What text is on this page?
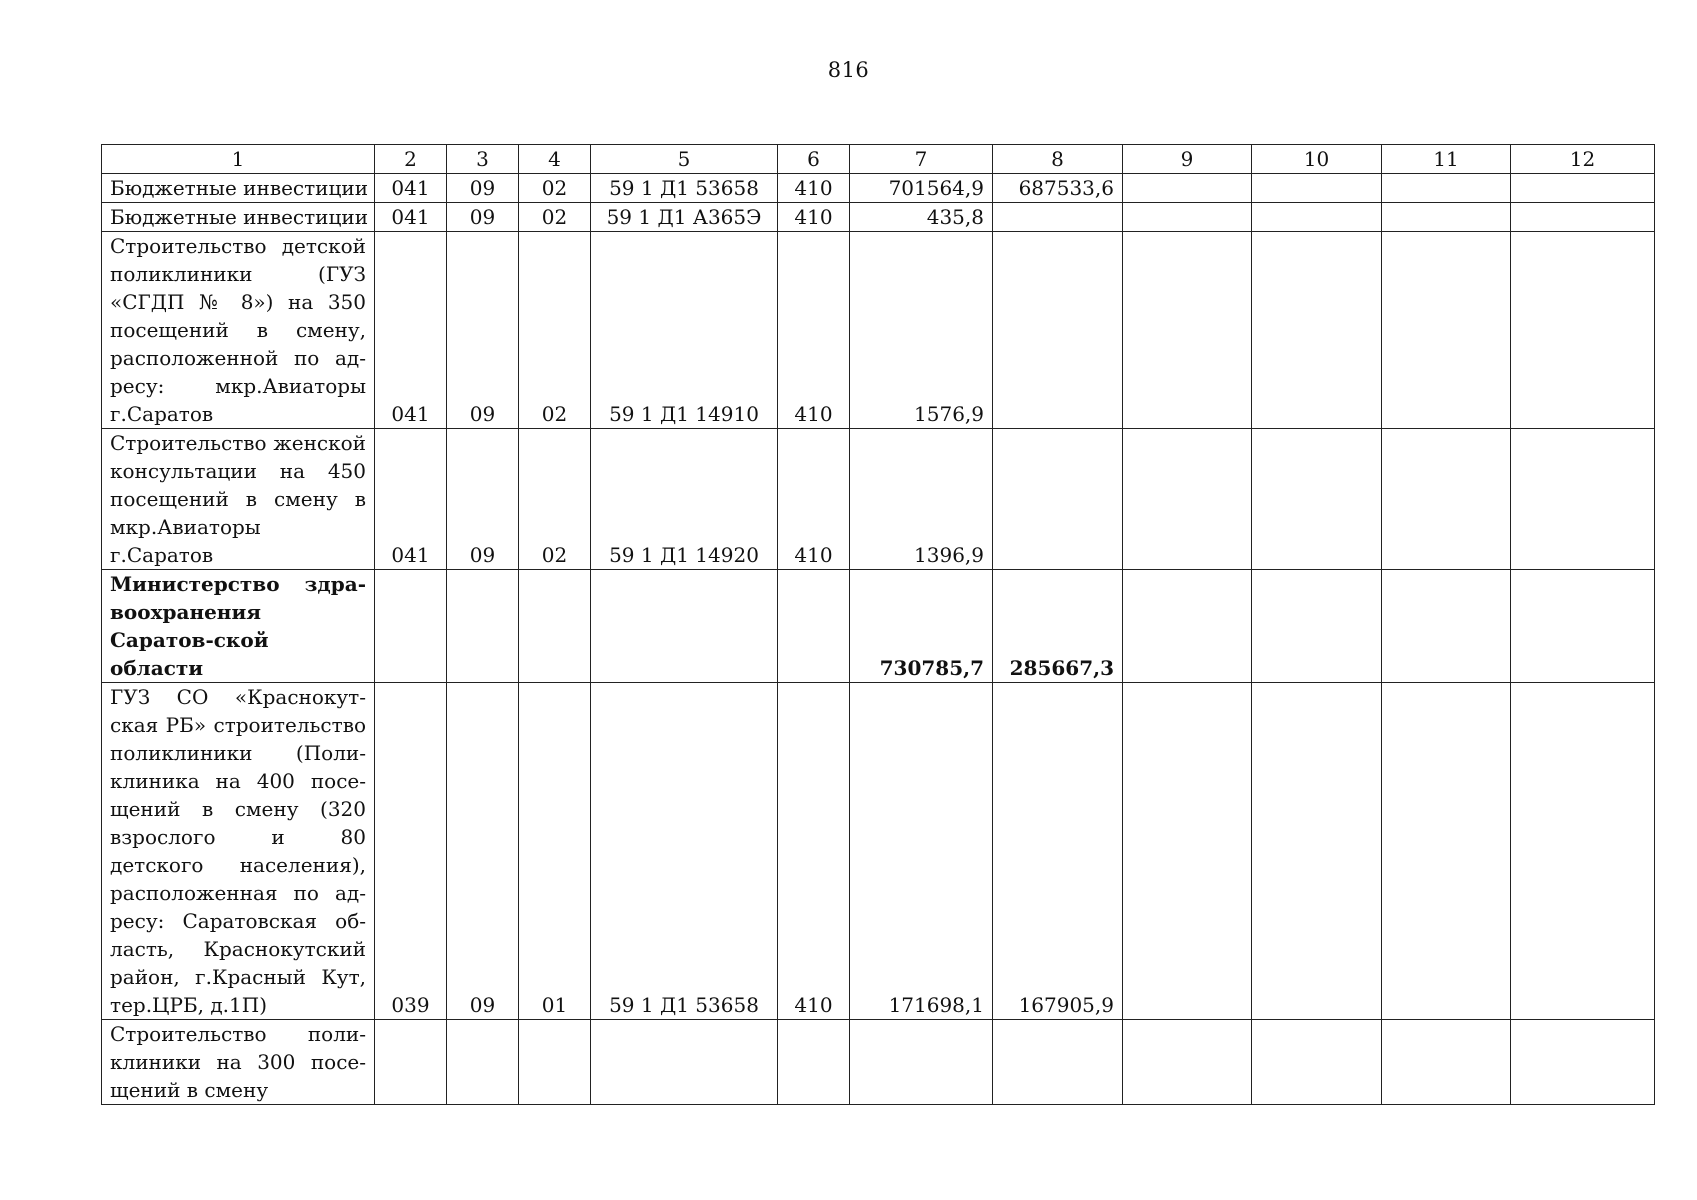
816
1	2	3	4	5	6	7	8	9	10	11	12
Бюджетные инвестиции	041	09	02	59 1 Д1 53658	410	701564,9	687533,6				
Бюджетные инвестиции	041	09	02	59 1 Д1 А365Э	410	435,8					
Строительство детской поликлиники (ГУЗ «СГДП № 8») на 350 посещений в смену, расположенной по ад-ресу: мкр.Авиаторы г.Саратов	041	09	02	59 1 Д1 14910	410	1576,9					
Строительство женской консультации на 450 посещений в смену в мкр.Авиаторы г.Саратов	041	09	02	59 1 Д1 14920	410	1396,9					
Министерство здра-воохранения Саратов-ской области						730785,7	285667,3				
ГУЗ СО «Краснокут-ская РБ» строительство поликлиники (Поли-клиника на 400 посе-щений в смену (320 взрослого и 80 детского населения), расположенная по ад-ресу: Саратовская об-ласть, Краснокутский район, г.Красный Кут, тер.ЦРБ, д.1П)	039	09	01	59 1 Д1 53658	410	171698,1	167905,9				
Строительство поли-клиники на 300 посе-щений в смену											
